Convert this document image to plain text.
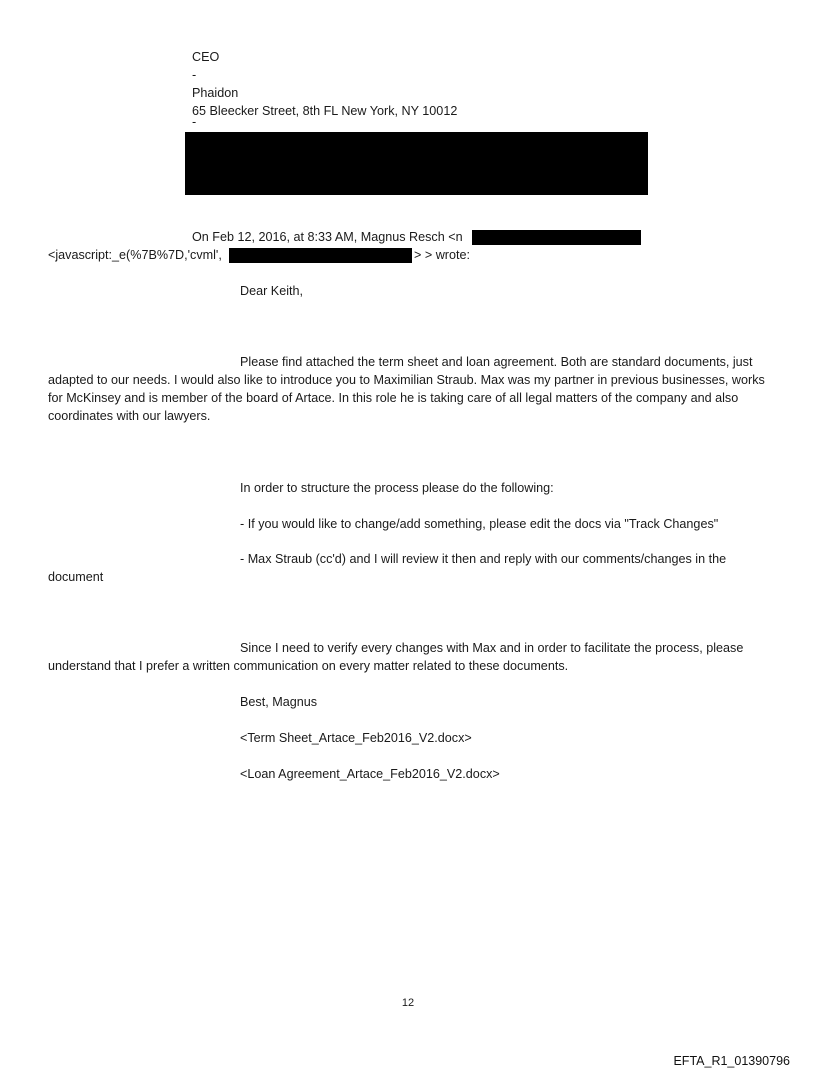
CEO
-
Phaidon
65 Bleecker Street, 8th FL New York, NY 10012
-
On Feb 12, 2016, at 8:33 AM, Magnus Resch <n
<javascript:_e(%7B%7D,'cvml',	> > wrote:
Dear Keith,
Please find attached the term sheet and loan agreement. Both are standard documents, just adapted to our needs. I would also like to introduce you to Maximilian Straub. Max was my partner in previous businesses, works for McKinsey and is member of the board of Artace. In this role he is taking care of all legal matters of the company and also coordinates with our lawyers.
In order to structure the process please do the following:
- If you would like to change/add something, please edit the docs via "Track Changes"
- Max Straub (cc'd) and I will review it then and reply with our comments/changes in the
document
Since I need to verify every changes with Max and in order to facilitate the process, please understand that I prefer a written communication on every matter related to these documents.
Best, Magnus
<Term Sheet_Artace_Feb2016_V2.docx>
<Loan Agreement_Artace_Feb2016_V2.docx>
12
EFTA_R1_01390796
